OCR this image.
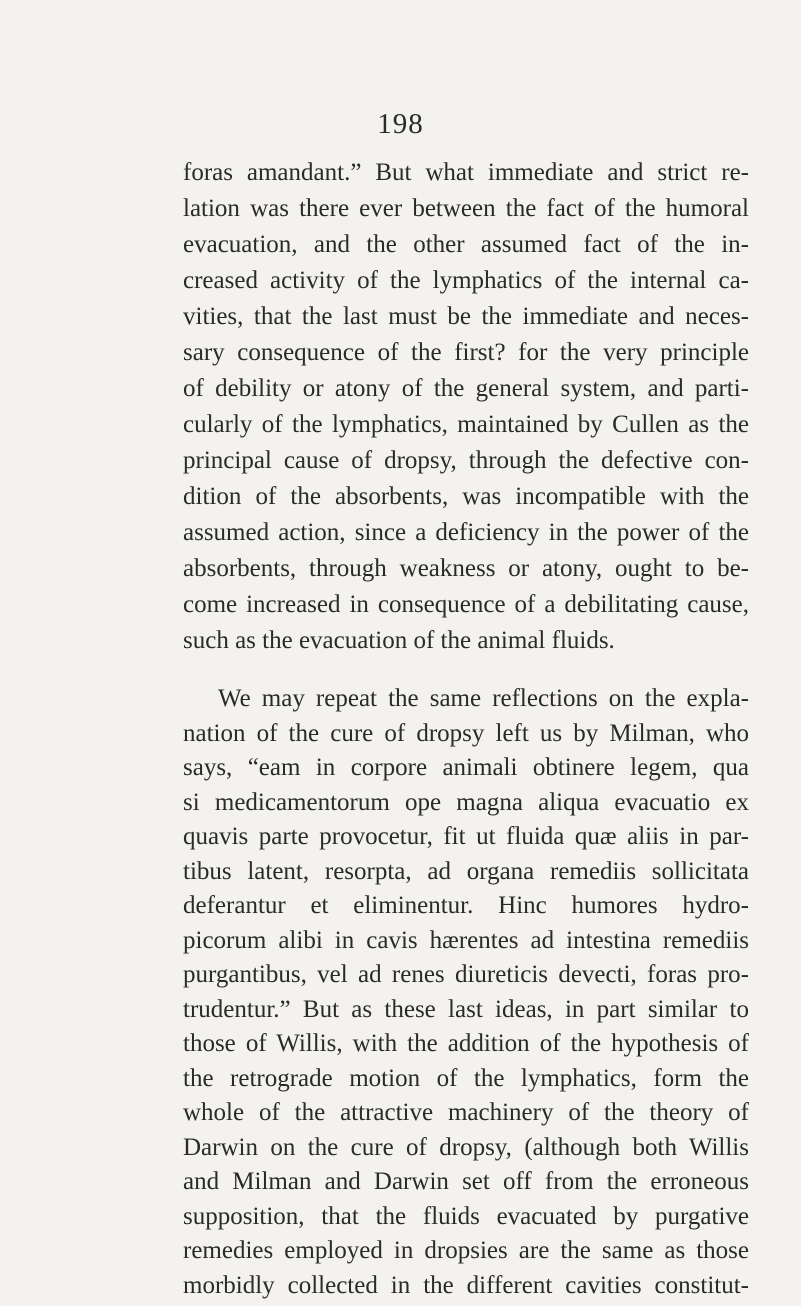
198
foras amandant.” But what immediate and strict re-
lation was there ever between the fact of the humoral
evacuation, and the other assumed fact of the in-
creased activity of the lymphatics of the internal ca-
vities, that the last must be the immediate and neces-
sary consequence of the first? for the very principle
of debility or atony of the general system, and parti-
cularly of the lymphatics, maintained by Cullen as the
principal cause of dropsy, through the defective con-
dition of the absorbents, was incompatible with the
assumed action, since a deficiency in the power of the
absorbents, through weakness or atony, ought to be-
come increased in consequence of a debilitating cause,
such as the evacuation of the animal fluids.
We may repeat the same reflections on the expla-
nation of the cure of dropsy left us by Milman, who
says, “eam in corpore animali obtinere legem, qua
si medicamentorum ope magna aliqua evacuatio ex
quavis parte provocetur, fit ut fluida quæ aliis in par-
tibus latent, resorpta, ad organa remediis sollicitata
deferantur et eliminentur. Hinc humores hydro-
picorum alibi in cavis hærentes ad intestina remediis
purgantibus, vel ad renes diureticis devecti, foras pro-
trudentur.” But as these last ideas, in part similar to
those of Willis, with the addition of the hypothesis of
the retrograde motion of the lymphatics, form the
whole of the attractive machinery of the theory of
Darwin on the cure of dropsy, (although both Willis
and Milman and Darwin set off from the erroneous
supposition, that the fluids evacuated by purgative
remedies employed in dropsies are the same as those
morbidly collected in the different cavities constitut-
